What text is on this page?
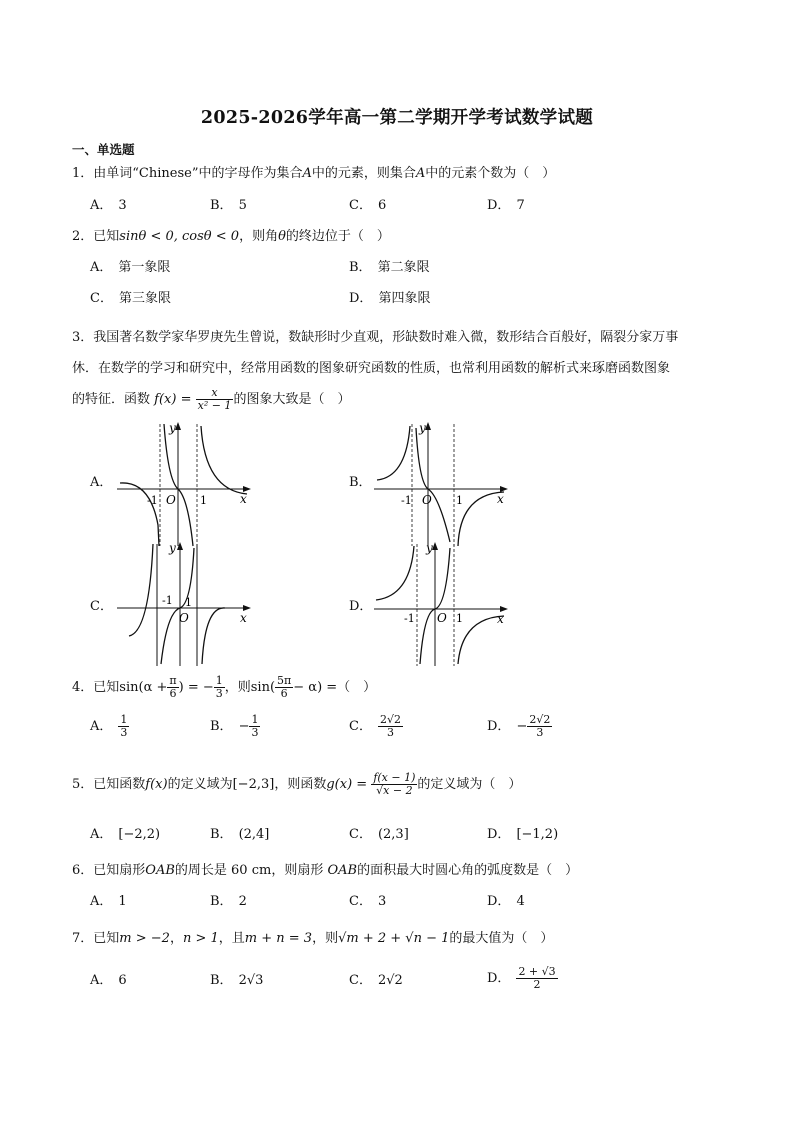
2025-2026学年高一第二学期开学考试数学试题
一、单选题
1．由单词“Chinese”中的字母作为集合A中的元素，则集合A中的元素个数为（　）
A． 3	B． 5	C． 6	D． 7
2．已知sinθ < 0, cosθ < 0，则角θ的终边位于（　）
A． 第一象限	B． 第二象限
C． 第三象限	D． 第四象限
3．我国著名数学家华罗庚先生曾说，数缺形时少直观，形缺数时难入微，数形结合百般好，隔裂分家万事
休．在数学的学习和研究中，经常用函数的图象研究函数的性质，也常利用函数的解析式来琢磨函数图象
的特征．函数 $f(x) = \frac{x}{\text{x² − 1}}$ 的图象大致是（　）
A．	B．
C．	D．
x
y
O
-1	1	x
y
O
-1	1
x
y
O
-1 1
x
y
O
-1	1
4．已知$\sin(\alpha + \frac{\pi}{6}$ ) = − $\frac{1}{3}$ ，则$\sin( \frac{5\pi}{6} - \alpha)$ =（　）
A． $\frac{1}{3}$	B． − $\frac{1}{3}$	C． $\frac{2√2}{3}$	D． − $\frac{2√2}{3}$
5．已知函数f(x)的定义域为[−2,3]，则函数$g(x) = \frac{f(x - 1)}{√x - 2}$ 的定义域为（　）
A． [−2,2)	B． (2,4]	C． (2,3]	D． [−1,2)
6．已知扇形OAB的周长是 60 cm，则扇形 OAB的面积最大时圆心角的弧度数是（　）
A． 1	B． 2	C． 3	D． 4
7．已知m > −2，n > 1，且m + n = 3，则√m + 2 + √n − 1的最大值为（　）
A． 6	B． 2√3	C． 2√2	D． $\frac{2 + √3}{2}$
